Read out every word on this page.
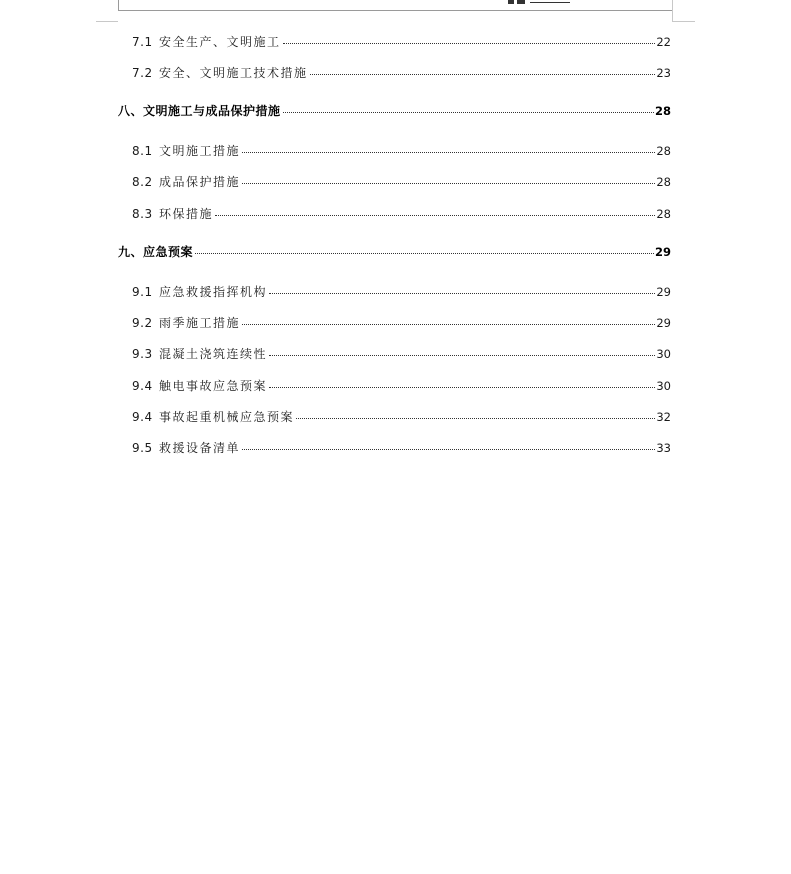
7.1 安全生产、文明施工	22
7.2 安全、文明施工技术措施	23
八、文明施工与成品保护措施	28
8.1 文明施工措施	28
8.2 成品保护措施	28
8.3 环保措施	28
九、应急预案	29
9.1 应急救援指挥机构	29
9.2 雨季施工措施	29
9.3 混凝土浇筑连续性	30
9.4 触电事故应急预案	30
9.4 事故起重机械应急预案	32
9.5 救援设备清单	33
